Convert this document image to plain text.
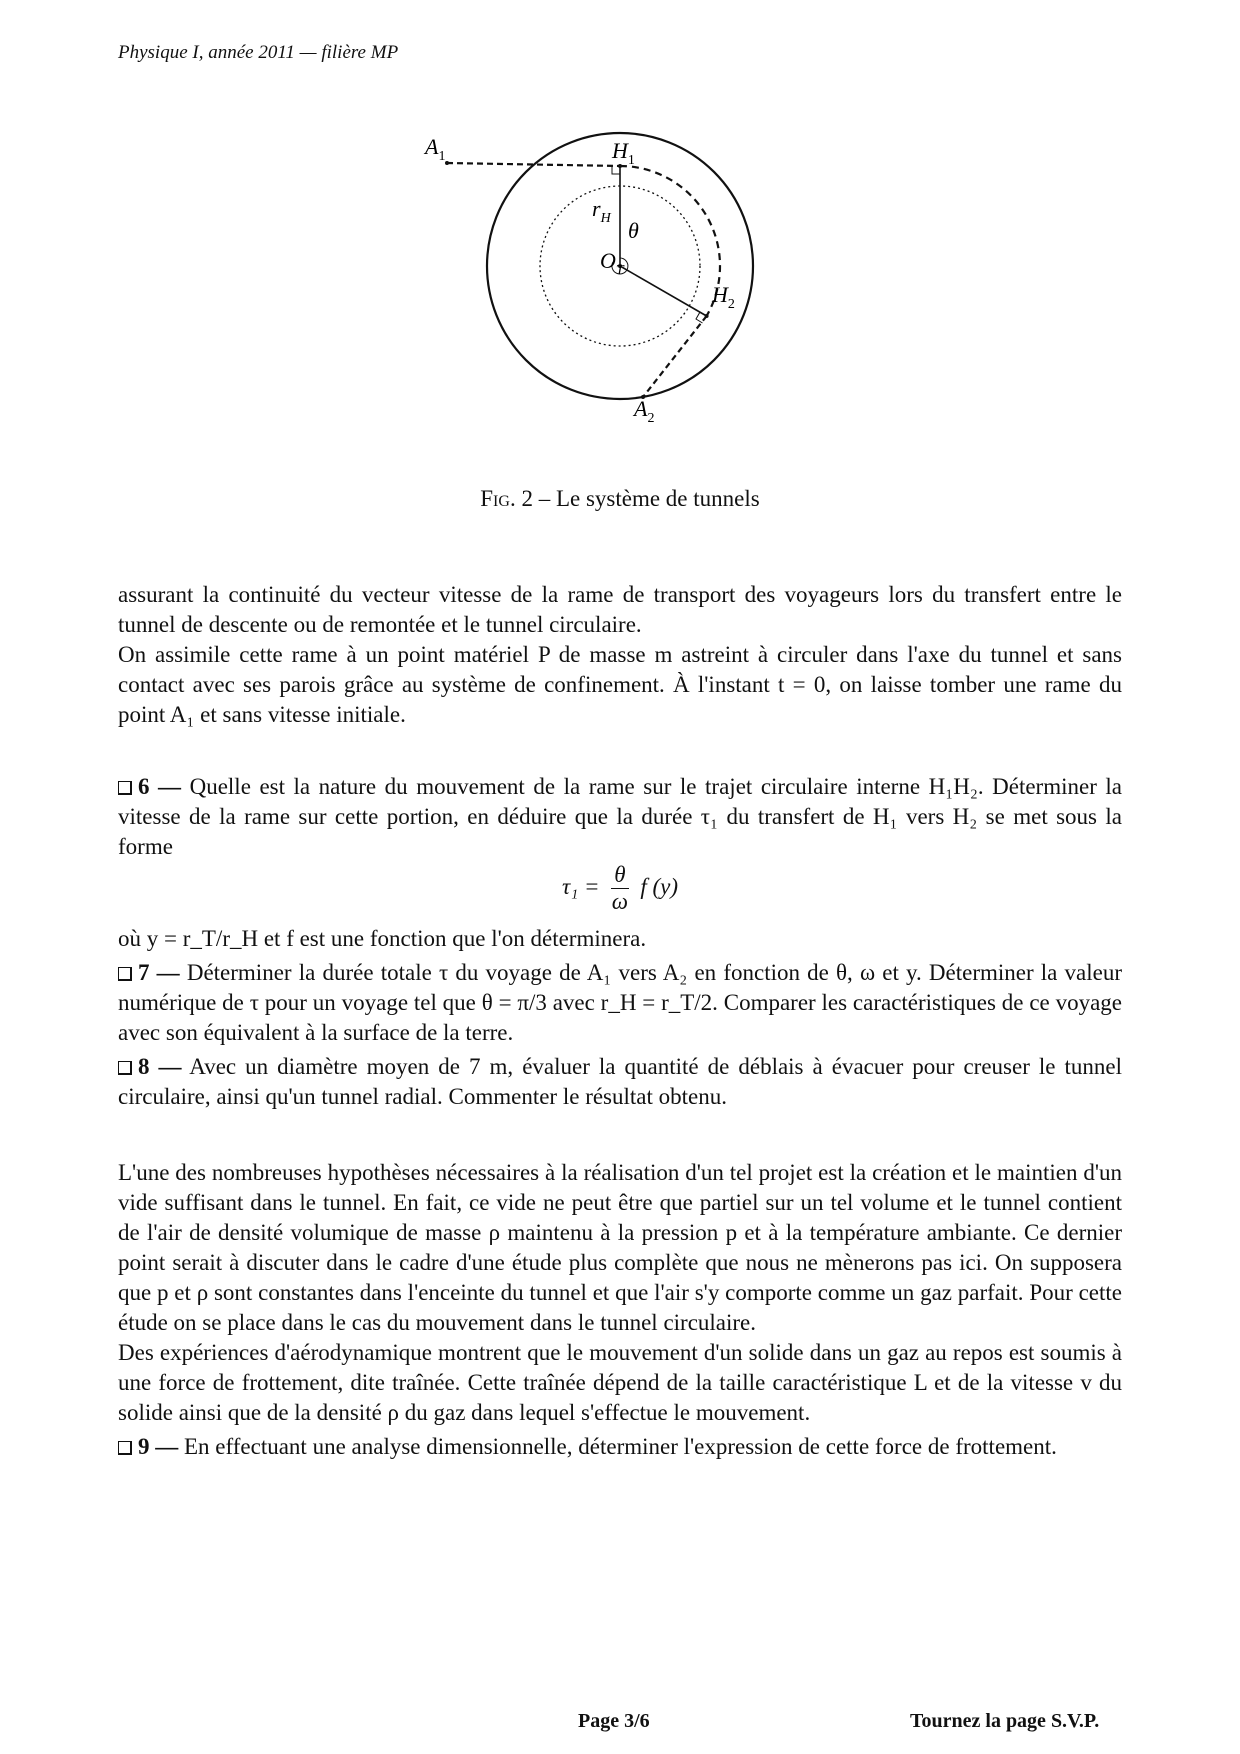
Physique I, année 2011 — filière MP
$A_1$	$H_1$
$r_H$ θ
$O_T$
$H_2$
$A_2$
Fig. 2 – Le système de tunnels

assurant la continuité du vecteur vitesse de la rame de transport des voyageurs lors du transfert entre le tunnel de descente ou de remontée et le tunnel circulaire.

On assimile cette rame à un point matériel P de masse m astreint à circuler dans l'axe du tunnel et sans contact avec ses parois grâce au système de confinement. À l'instant t = 0, on laisse tomber une rame du point A₁ et sans vitesse initiale.

6 — Quelle est la nature du mouvement de la rame sur le trajet circulaire interne H₁H₂. Déterminer la vitesse de la rame sur cette portion, en déduire que la durée τ₁ du transfert de H₁ vers H₂ se met sous la forme

$\tau_1 = \frac{\theta}{\omega}$ f (y)

où y = r_T/r_H et f est une fonction que l'on déterminera.

7 — Déterminer la durée totale τ du voyage de A₁ vers A₂ en fonction de θ, ω et y. Déterminer la valeur numérique de τ pour un voyage tel que θ = π/3 avec r_H = r_T/2. Comparer les caractéristiques de ce voyage avec son équivalent à la surface de la terre.

8 — Avec un diamètre moyen de 7 m, évaluer la quantité de déblais à évacuer pour creuser le tunnel circulaire, ainsi qu'un tunnel radial. Commenter le résultat obtenu.

L'une des nombreuses hypothèses nécessaires à la réalisation d'un tel projet est la création et le maintien d'un vide suffisant dans le tunnel. En fait, ce vide ne peut être que partiel sur un tel volume et le tunnel contient de l'air de densité volumique de masse ρ maintenu à la pression p et à la température ambiante. Ce dernier point serait à discuter dans le cadre d'une étude plus complète que nous ne mènerons pas ici. On supposera que p et ρ sont constantes dans l'enceinte du tunnel et que l'air s'y comporte comme un gaz parfait. Pour cette étude on se place dans le cas du mouvement dans le tunnel circulaire.

Des expériences d'aérodynamique montrent que le mouvement d'un solide dans un gaz au repos est soumis à une force de frottement, dite traînée. Cette traînée dépend de la taille caractéristique L et de la vitesse v du solide ainsi que de la densité ρ du gaz dans lequel s'effectue le mouvement.

9 — En effectuant une analyse dimensionnelle, déterminer l'expression de cette force de frottement.

Page 3/6	Tournez la page S.V.P.
